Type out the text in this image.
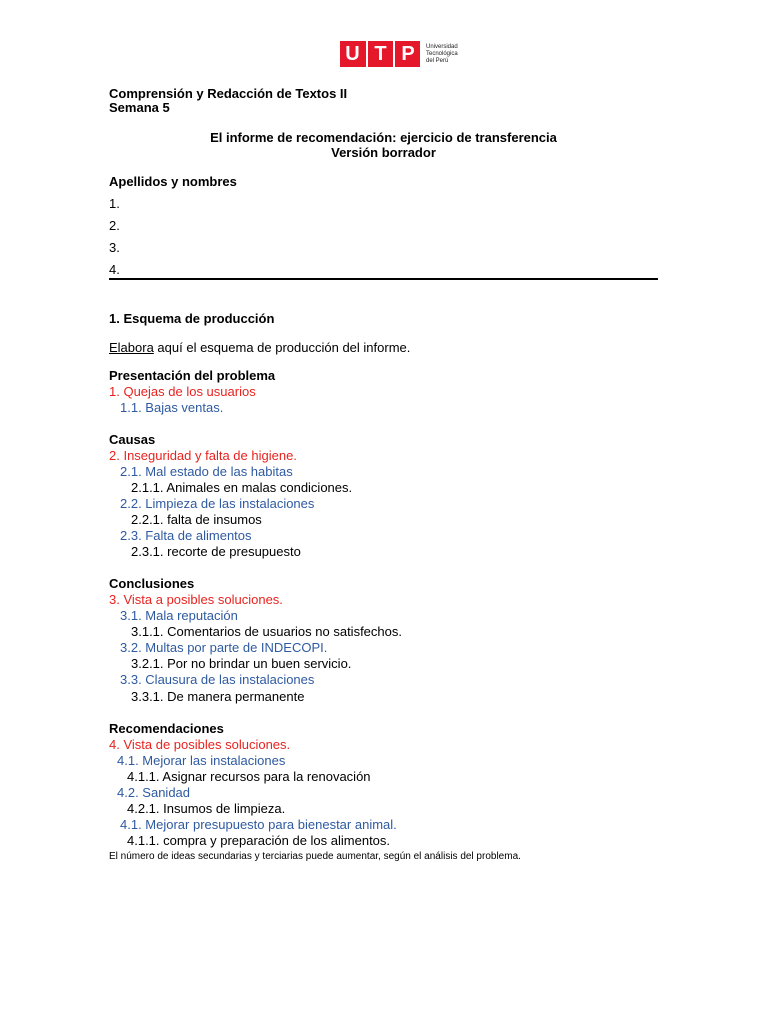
U T P Universidad
Tecnológica
del Perú
Comprensión y Redacción de Textos II
Semana 5
El informe de recomendación: ejercicio de transferencia
Versión borrador
Apellidos y nombres
1.
2.
3.
4.
1. Esquema de producción
Elabora aquí el esquema de producción del informe.
Presentación del problema
1. Quejas de los usuarios
1.1. Bajas ventas.
Causas
2. Inseguridad y falta de higiene.
2.1. Mal estado de las habitas
2.1.1. Animales en malas condiciones.
2.2. Limpieza de las instalaciones
2.2.1. falta de insumos
2.3. Falta de alimentos
2.3.1. recorte de presupuesto
Conclusiones
3. Vista a posibles soluciones.
3.1. Mala reputación
3.1.1. Comentarios de usuarios no satisfechos.
3.2. Multas por parte de INDECOPI.
3.2.1. Por no brindar un buen servicio.
3.3. Clausura de las instalaciones
3.3.1. De manera permanente
Recomendaciones
4. Vista de posibles soluciones.
4.1. Mejorar las instalaciones
4.1.1. Asignar recursos para la renovación
4.2. Sanidad
4.2.1. Insumos de limpieza.
4.1. Mejorar presupuesto para bienestar animal.
4.1.1. compra y preparación de los alimentos.
El número de ideas secundarias y terciarias puede aumentar, según el análisis del problema.
